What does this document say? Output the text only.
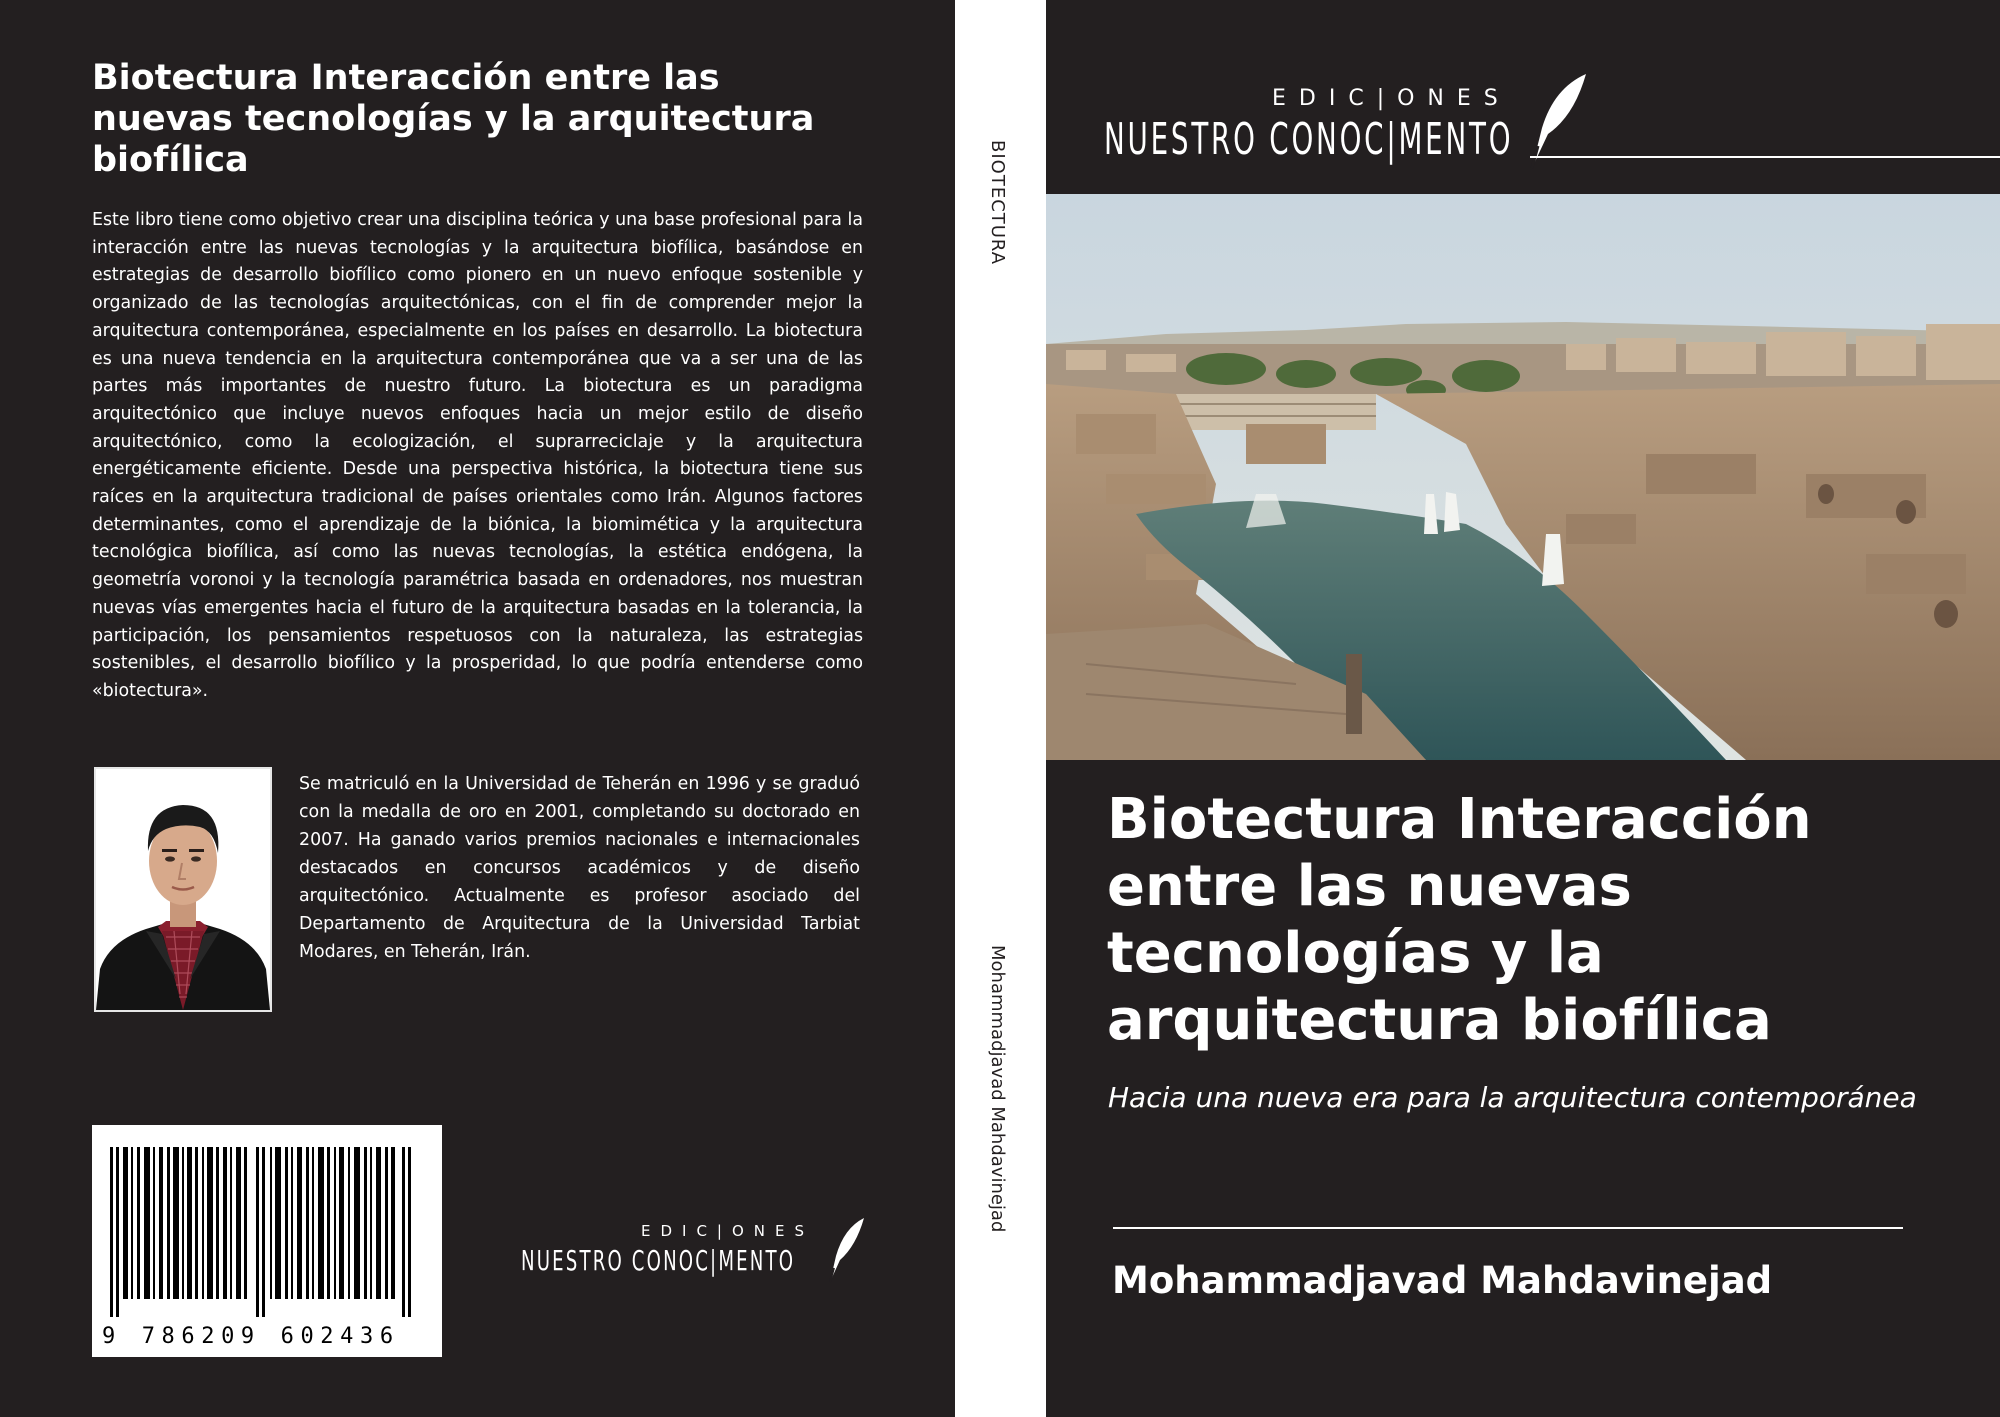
Biotectura Interacción entre las nuevas tecnologías y la arquitectura biofílica

Este libro tiene como objetivo crear una disciplina teórica y una base profesional para la interacción entre las nuevas tecnologías y la arquitectura biofílica, basándose en estrategias de desarrollo biofílico como pionero en un nuevo enfoque sostenible y organizado de las tecnologías arquitectónicas, con el fin de comprender mejor la arquitectura contemporánea, especialmente en los países en desarrollo. La biotectura es una nueva tendencia en la arquitectura contemporánea que va a ser una de las partes más importantes de nuestro futuro. La biotectura es un paradigma arquitectónico que incluye nuevos enfoques hacia un mejor estilo de diseño arquitectónico, como la ecologización, el suprarreciclaje y la arquitectura energéticamente eficiente. Desde una perspectiva histórica, la biotectura tiene sus raíces en la arquitectura tradicional de países orientales como Irán. Algunos factores determinantes, como el aprendizaje de la biónica, la biomimética y la arquitectura tecnológica biofílica, así como las nuevas tecnologías, la estética endógena, la geometría voronoi y la tecnología paramétrica basada en ordenadores, nos muestran nuevas vías emergentes hacia el futuro de la arquitectura basadas en la tolerancia, la participación, los pensamientos respetuosos con la naturaleza, las estrategias sostenibles, el desarrollo biofílico y la prosperidad, lo que podría entenderse como «biotectura».

Se matriculó en la Universidad de Teherán en 1996 y se graduó con la medalla de oro en 2001, completando su doctorado en 2007. Ha ganado varios premios nacionales e internacionales destacados en concursos académicos y de diseño arquitectónico. Actualmente es profesor asociado del Departamento de Arquitectura de la Universidad Tarbiat Modares, en Teherán, Irán.

9 786209 602436
EDIC|ONES
NUESTRO CONOC|MENTO
BIOTECTURA
Mohammadjavad Mahdavinejad
EDIC|ONES
NUESTRO CONOC|MENTO
Biotectura Interacción entre las nuevas tecnologías y la arquitectura biofílica

Hacia una nueva era para la arquitectura contemporánea

Mohammadjavad Mahdavinejad
